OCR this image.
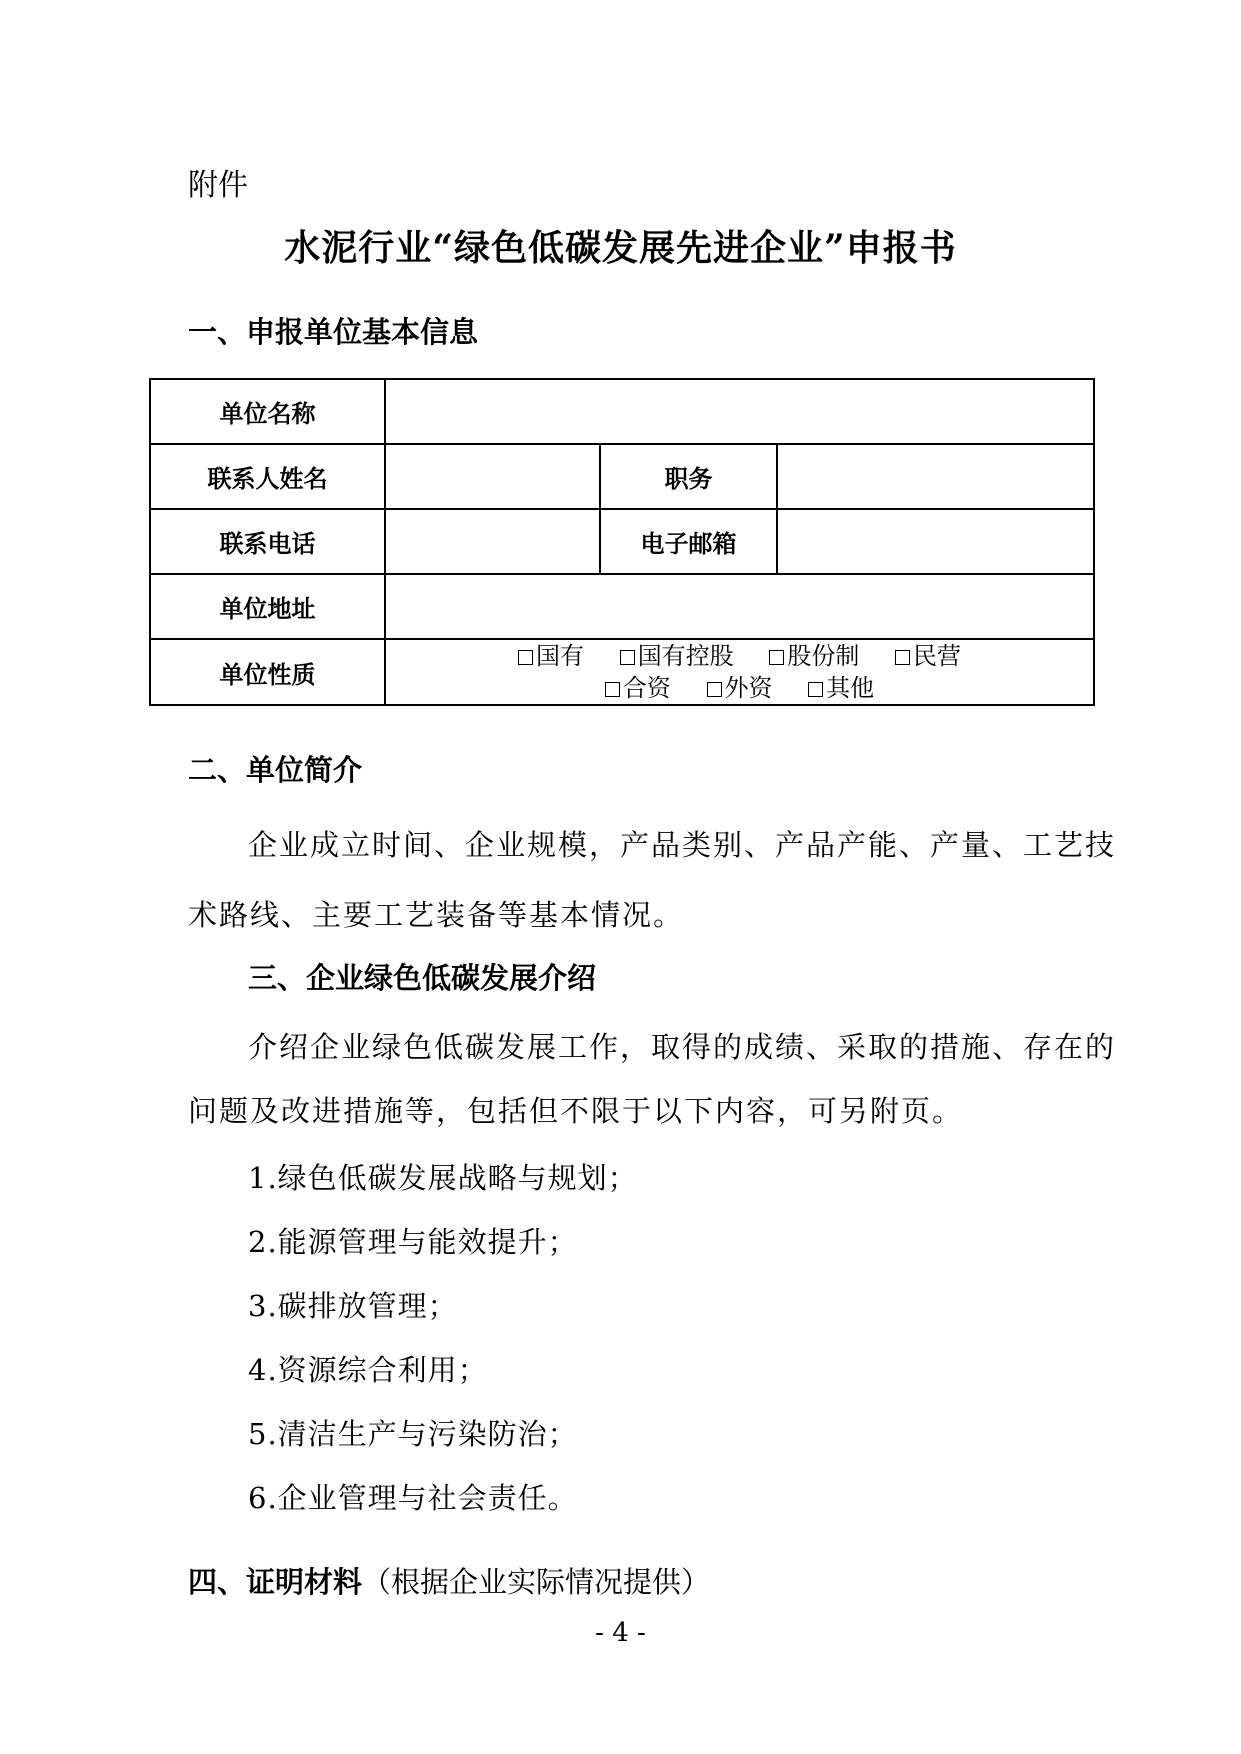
附件
水泥行业“绿色低碳发展先进企业”申报书
一、申报单位基本信息
单位名称			
联系人姓名		职务	
联系电话		电子邮箱	
单位地址			
单位性质	国有 国有控股 股份制 民营
合资 外资 其他		
二、单位简介
企业成立时间、企业规模，产品类别、产品产能、产量、工艺技
术路线、主要工艺装备等基本情况。
三、企业绿色低碳发展介绍
介绍企业绿色低碳发展工作，取得的成绩、采取的措施、存在的
问题及改进措施等，包括但不限于以下内容，可另附页。
1.绿色低碳发展战略与规划；
2.能源管理与能效提升；
3.碳排放管理；
4.资源综合利用；
5.清洁生产与污染防治；
6.企业管理与社会责任。
四、证明材料（根据企业实际情况提供）
- 4 -
